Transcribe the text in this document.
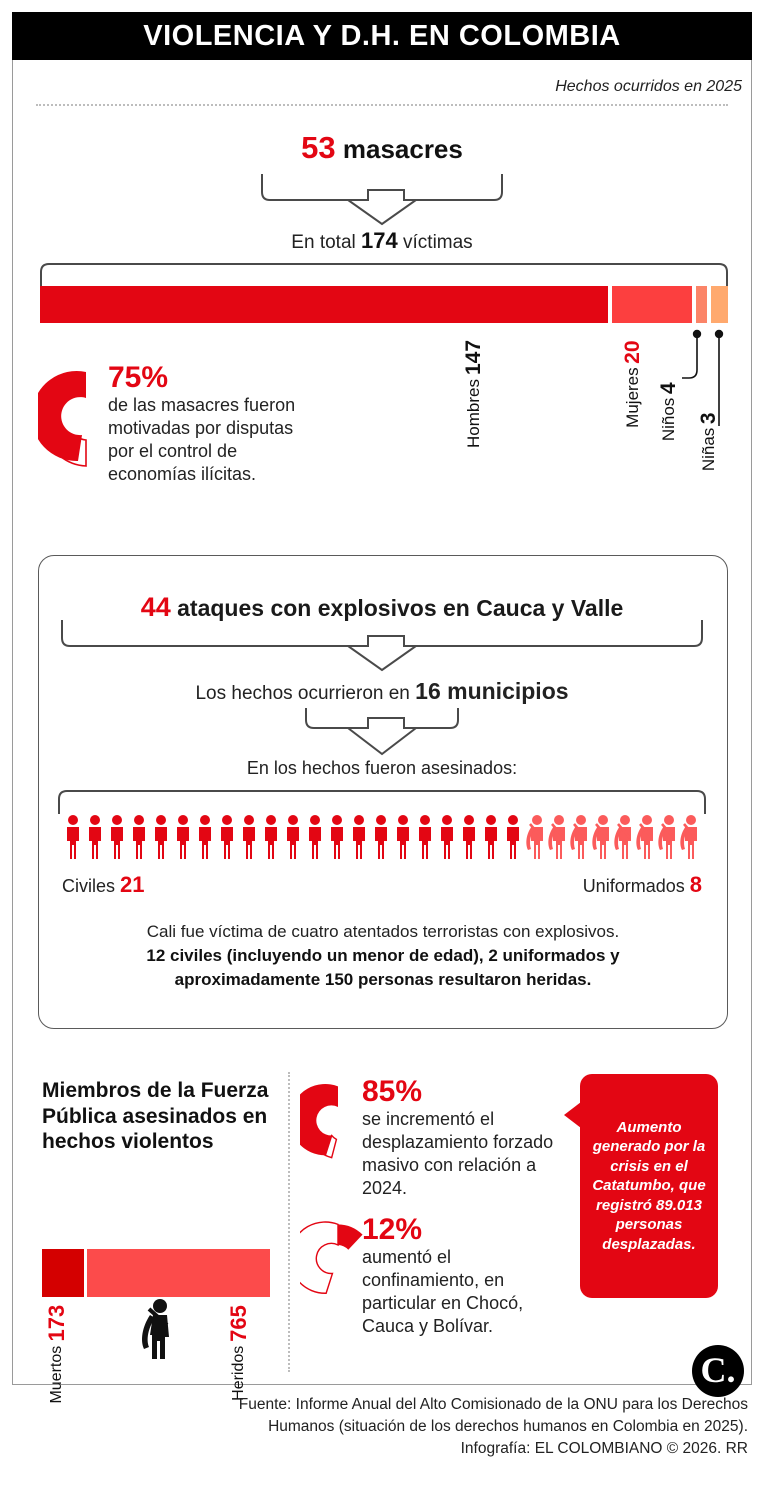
VIOLENCIA Y D.H. EN COLOMBIA
Hechos ocurridos en 2025
53 masacres
En total 174 víctimas
Hombres
147
Mujeres
20
Niños
4
Niñas
3
75%
de las masacres fueron motivadas por disputas por el control de economías ilícitas.
44 ataques con explosivos en Cauca y Valle
Los hechos ocurrieron en 16 municipios
En los hechos fueron asesinados:
Civiles 21	Uniformados 8
Cali fue víctima de cuatro atentados terroristas con explosivos.
12 civiles (incluyendo un menor de edad), 2 uniformados y
aproximadamente 150 personas resultaron heridas.
Miembros de la Fuerza Pública asesinados en hechos violentos
Muertos
173
Heridos
765
85%
se incrementó el desplazamiento forzado masivo con relación a 2024.
12%
aumentó el confinamiento, en particular en Chocó, Cauca y Bolívar.
Aumento generado por la crisis en el Catatumbo, que registró 89.013 personas desplazadas.
C.
Fuente: Informe Anual del Alto Comisionado de la ONU para los Derechos
Humanos (situación de los derechos humanos en Colombia en 2025).
Infografía: EL COLOMBIANO © 2026. RR
